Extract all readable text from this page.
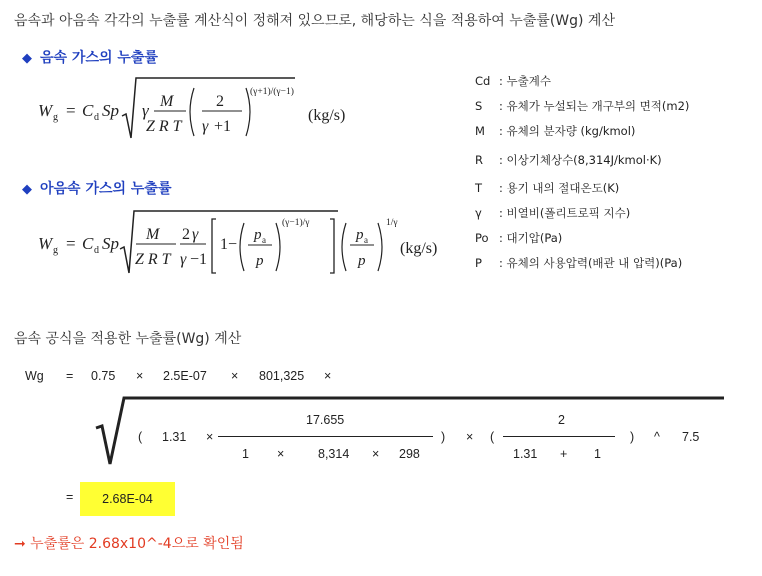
음속과 아음속 각각의 누출률 계산식이 정해져 있으므로, 해당하는 식을 적용하여 누출률(Wg) 계산
◆ 음속 가스의 누출률
W g = C d Sp γ M
Z R T
2
γ +1
(γ+1)/(γ−1)
(kg/s)
◆ 아음속 가스의 누출률
W g = C d Sp M
Z R T
2 γ
γ −1
1−
p a
p
(γ−1)/γ
p a
p
1/γ
(kg/s)
Cd : 누출계수
S : 유체가 누설되는 개구부의 면적(m2)
M : 유체의 분자량 (kg/kmol)
R : 이상기체상수(8,314J/kmol·K)
T : 용기 내의 절대온도(K)
γ : 비열비(폴리트로픽 지수)
Po : 대기압(Pa)
P : 유체의 사용압력(배관 내 압력)(Pa)
음속 공식을 적용한 누출률(Wg) 계산
Wg = 0.75 × 2.5E-07 × 801,325 ×
( 1.31 ×
17.655
1 ×	8,314 × 298
) × (
2
1.31 + 1
) ^ 7.5
=	2.68E-04
➞ 누출률은 2.68x10^-4으로 확인됨
